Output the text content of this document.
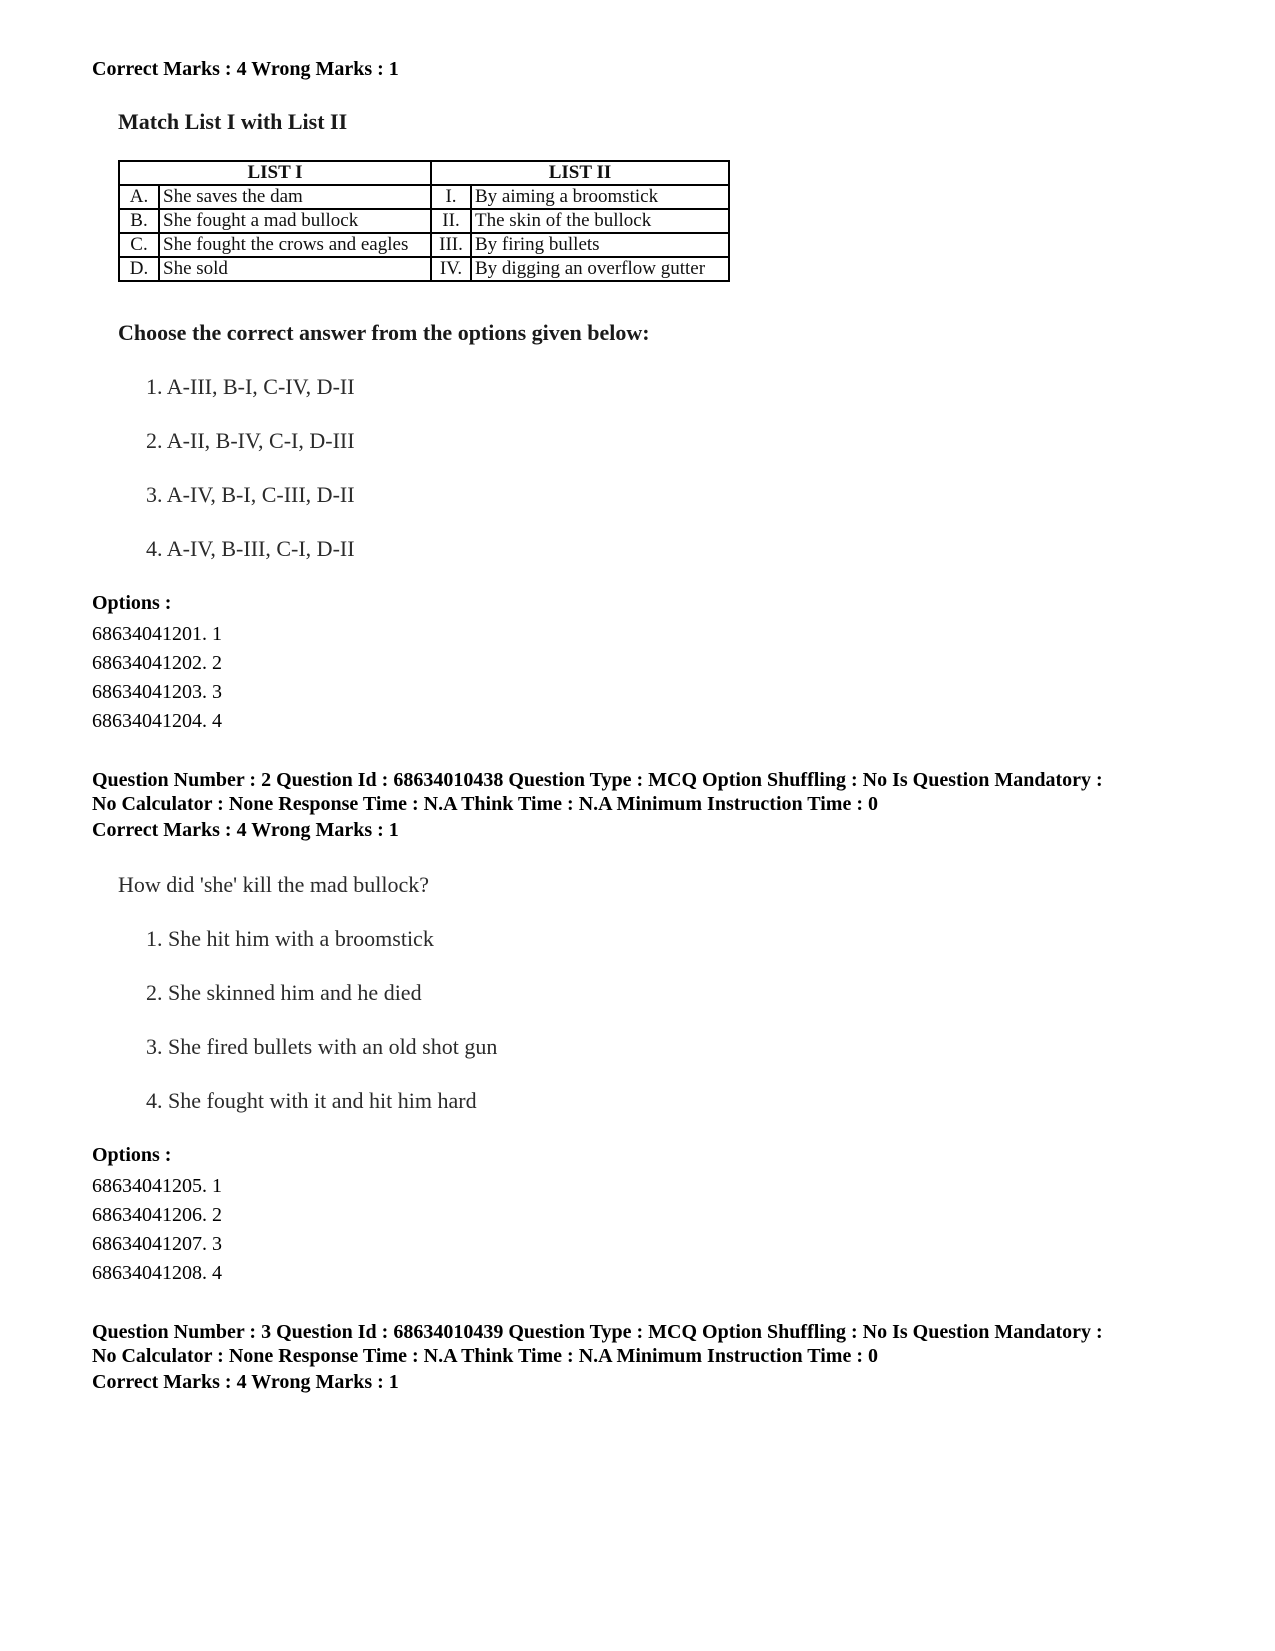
Correct Marks : 4 Wrong Marks : 1
Match List I with List II
LIST I		LIST II	
A.	She saves the dam	I.	By aiming a broomstick
B.	She fought a mad bullock	II.	The skin of the bullock
C.	She fought the crows and eagles	III.	By firing bullets
D.	She sold	IV.	By digging an overflow gutter
Choose the correct answer from the options given below:
1. A-III, B-I, C-IV, D-II
2. A-II, B-IV, C-I, D-III
3. A-IV, B-I, C-III, D-II
4. A-IV, B-III, C-I, D-II
Options :
68634041201. 1
68634041202. 2
68634041203. 3
68634041204. 4
Question Number : 2 Question Id : 68634010438 Question Type : MCQ Option Shuffling : No Is Question Mandatory :
No Calculator : None Response Time : N.A Think Time : N.A Minimum Instruction Time : 0
Correct Marks : 4 Wrong Marks : 1
How did 'she' kill the mad bullock?
1. She hit him with a broomstick
2. She skinned him and he died
3. She fired bullets with an old shot gun
4. She fought with it and hit him hard
Options :
68634041205. 1
68634041206. 2
68634041207. 3
68634041208. 4
Question Number : 3 Question Id : 68634010439 Question Type : MCQ Option Shuffling : No Is Question Mandatory :
No Calculator : None Response Time : N.A Think Time : N.A Minimum Instruction Time : 0
Correct Marks : 4 Wrong Marks : 1
